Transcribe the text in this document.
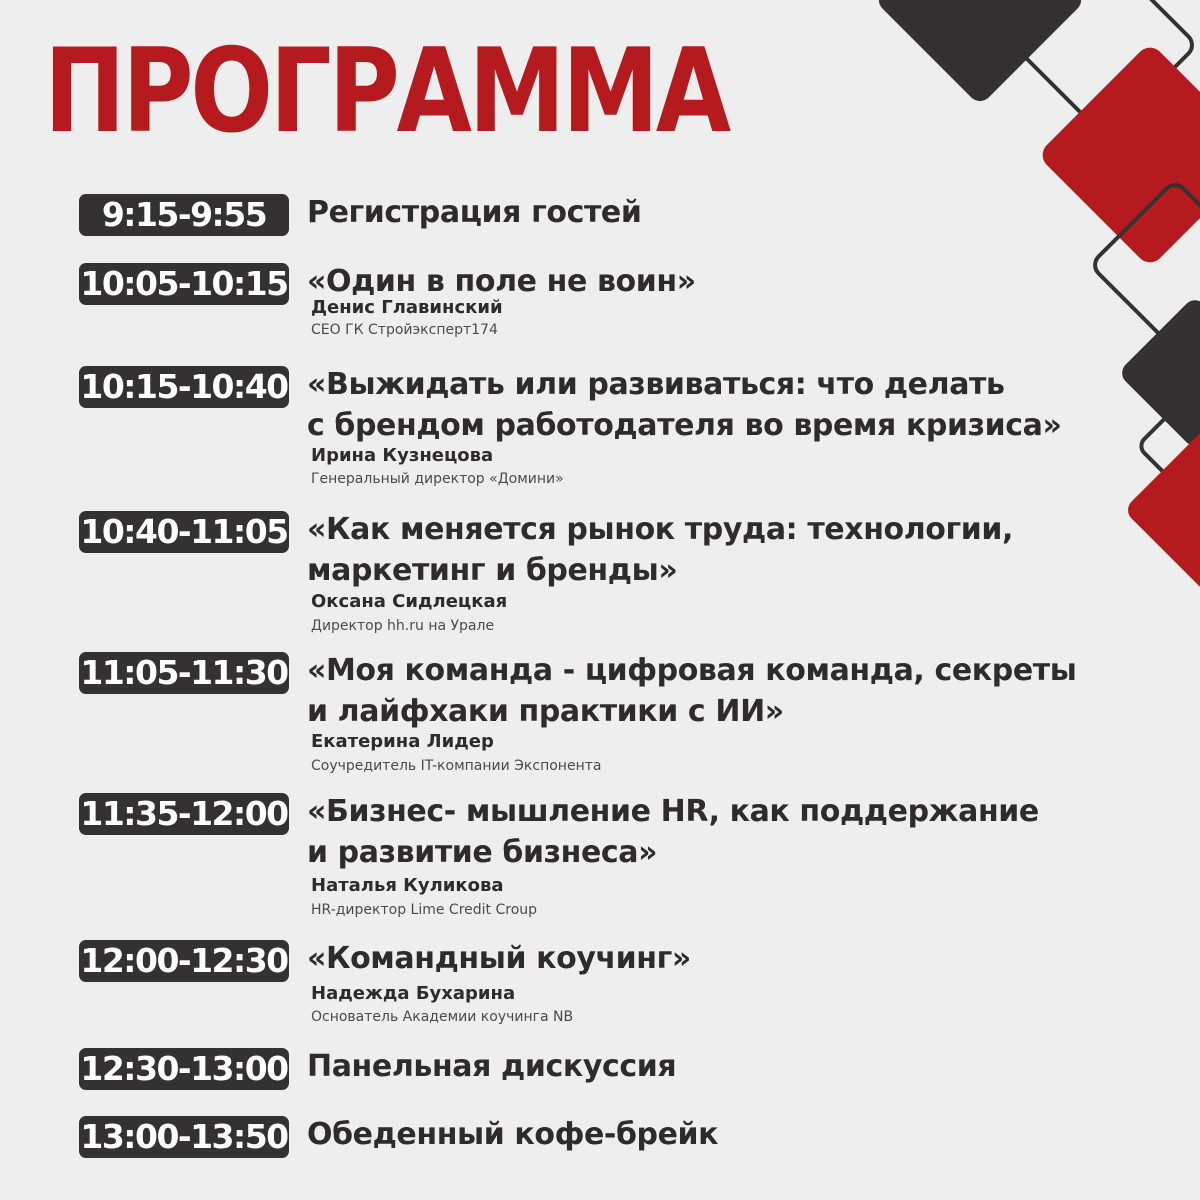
ПРОГРАММА
9:15-9:55	Регистрация гостей
10:05-10:15 «Один в поле не воин»
Денис Главинский
CEO ГК Стройэксперт174
10:15-10:40 «Выжидать или развиваться: что делать
с брендом работодателя во время кризиса»
Ирина Кузнецова
Генеральный директор «Домини»
10:40-11:05 «Как меняется рынок труда: технологии,
маркетинг и бренды»
Оксана Сидлецкая
Директор hh.ru на Урале
11:05-11:30 «Моя команда - цифровая команда, секреты
и лайфхаки практики с ИИ»
Екатерина Лидер
Соучредитель IT-компании Экспонента
11:35-12:00 «Бизнес- мышление HR, как поддержание
и развитие бизнеса»
Наталья Куликова
HR-директор Lime Credit Croup
12:00-12:30 «Командный коучинг»
Надежда Бухарина
Основатель Академии коучинга NB
12:30-13:00 Панельная дискуссия
13:00-13:50 Обеденный кофе-брейк
